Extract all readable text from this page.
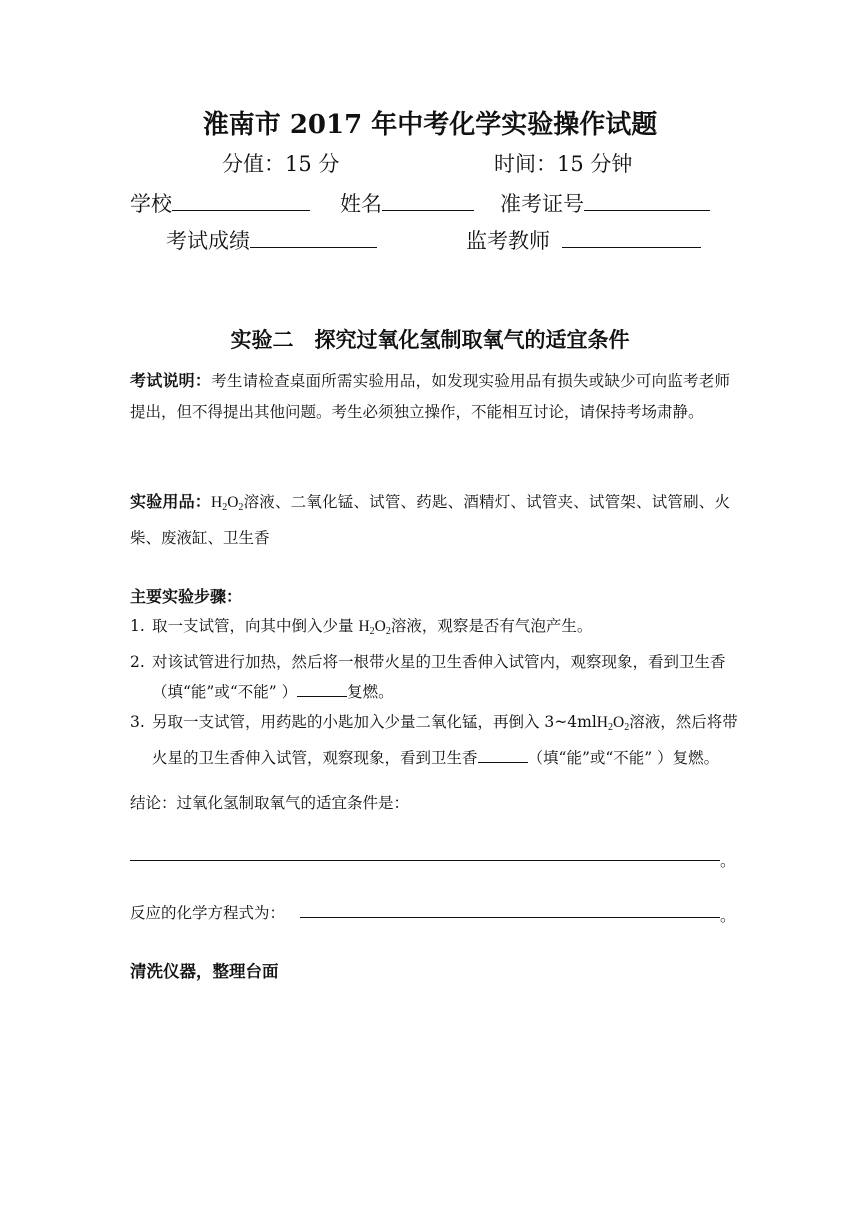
淮南市 2017 年中考化学实验操作试题
分值：15 分	时间：15 分钟
学校	姓名	准考证号
考试成绩	监考教师
实验二　探究过氧化氢制取氧气的适宜条件
考试说明：考生请检查桌面所需实验用品，如发现实验用品有损失或缺少可向监考老师提出，但不得提出其他问题。考生必须独立操作，不能相互讨论，请保持考场肃静。
实验用品：$H_2O_2$溶液、二氧化锰、试管、药匙、酒精灯、试管夹、试管架、试管刷、火柴、废液缸、卫生香
主要实验步骤：
1. 取一支试管，向其中倒入少量 $H_2O_2$溶液，观察是否有气泡产生。
2. 对该试管进行加热，然后将一根带火星的卫生香伸入试管内，观察现象，看到卫生香（填“能”或“不能” ）	复燃。
3. 另取一支试管，用药匙的小匙加入少量二氧化锰，再倒入 $3\sim 4mlH_2O_2$溶液，然后将带火星的卫生香伸入试管，观察现象，看到卫生香	（填“能”或“不能” ）复燃。
结论：过氧化氢制取氧气的适宜条件是：
。
反应的化学方程式为：	。
清洗仪器，整理台面
